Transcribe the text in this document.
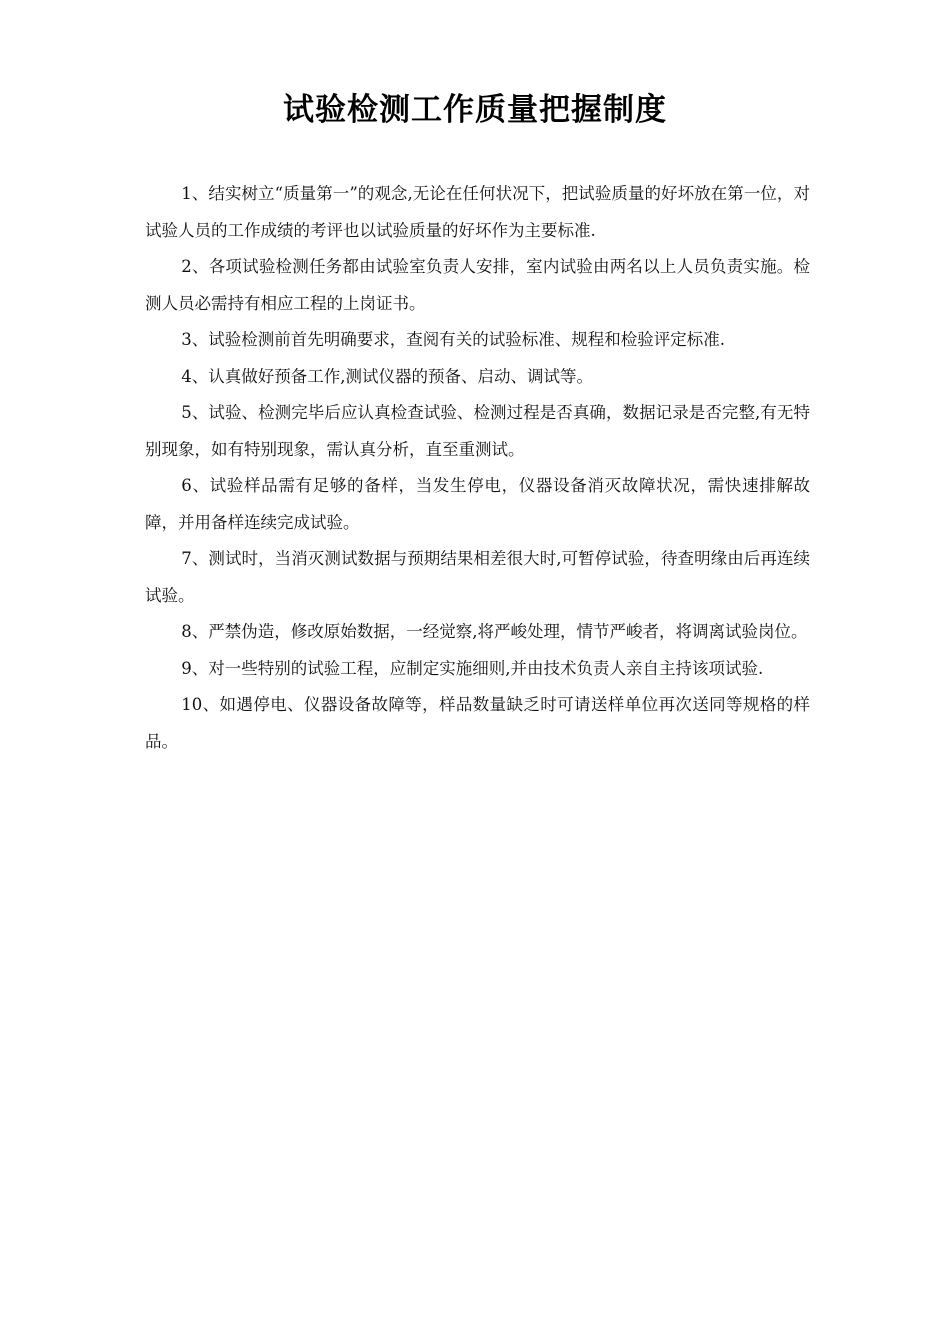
试验检测工作质量把握制度

1、结实树立“质量第一”的观念,无论在任何状况下，把试验质量的好坏放在第一位，对试验人员的工作成绩的考评也以试验质量的好坏作为主要标准.

2、各项试验检测任务都由试验室负责人安排，室内试验由两名以上人员负责实施。检测人员必需持有相应工程的上岗证书。

3、试验检测前首先明确要求，查阅有关的试验标准、规程和检验评定标准.

4、认真做好预备工作,测试仪器的预备、启动、调试等。

5、试验、检测完毕后应认真检查试验、检测过程是否真确，数据记录是否完整,有无特别现象，如有特别现象，需认真分析，直至重测试。

6、试验样品需有足够的备样，当发生停电，仪器设备消灭故障状况，需快速排解故障，并用备样连续完成试验。

7、测试时，当消灭测试数据与预期结果相差很大时,可暂停试验，待查明缘由后再连续试验。

8、严禁伪造，修改原始数据，一经觉察,将严峻处理，情节严峻者，将调离试验岗位。

9、对一些特别的试验工程，应制定实施细则,并由技术负责人亲自主持该项试验.

10、如遇停电、仪器设备故障等，样品数量缺乏时可请送样单位再次送同等规格的样品。
